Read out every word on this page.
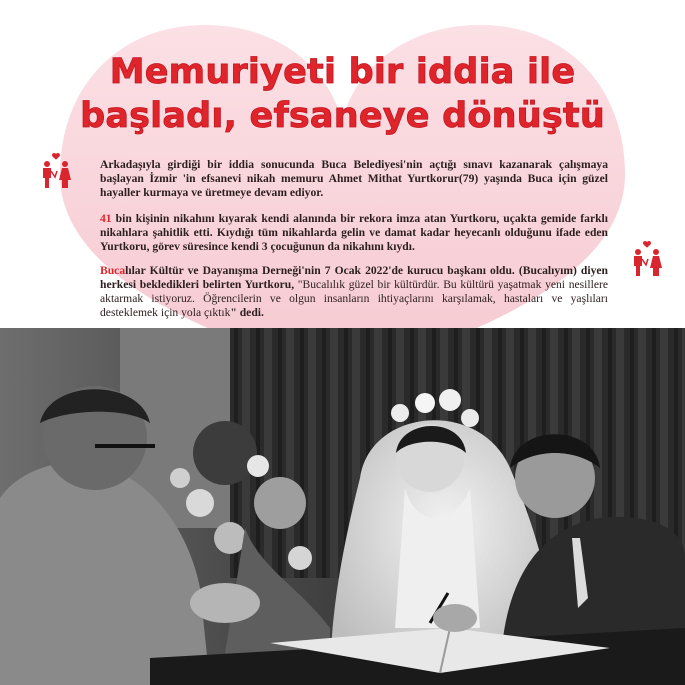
Memuriyeti bir iddia ile
başladı, efsaneye dönüştü

Arkadaşıyla girdiği bir iddia sonucunda Buca Belediyesi'nin açtığı sınavı kazanarak çalışmaya başlayan İzmir 'in efsanevi nikah memuru Ahmet Mithat Yurtkorur(79) yaşında Buca için güzel hayaller kurmaya ve üretmeye devam ediyor.

41 bin kişinin nikahını kıyarak kendi alanında bir rekora imza atan Yurtkoru, uçakta gemide farklı nikahlara şahitlik etti. Kıydığı tüm nikahlarda gelin ve damat kadar heyecanlı olduğunu ifade eden Yurtkoru, görev süresince kendi 3 çocuğunun da nikahını kıydı.

Bucalılar Kültür ve Dayanışma Derneği'nin 7 Ocak 2022'de kurucu başkanı oldu. (Bucalıyım) diyen herkesi bekledikleri belirten Yurtkoru, "Bucalılık güzel bir kültürdür. Bu kültürü yaşatmak yeni nesillere aktarmak istiyoruz. Öğrencilerin ve olgun insanların ihtiyaçlarını karşılamak, hastaları ve yaşlıları desteklemek için yola çıktık" dedi.
